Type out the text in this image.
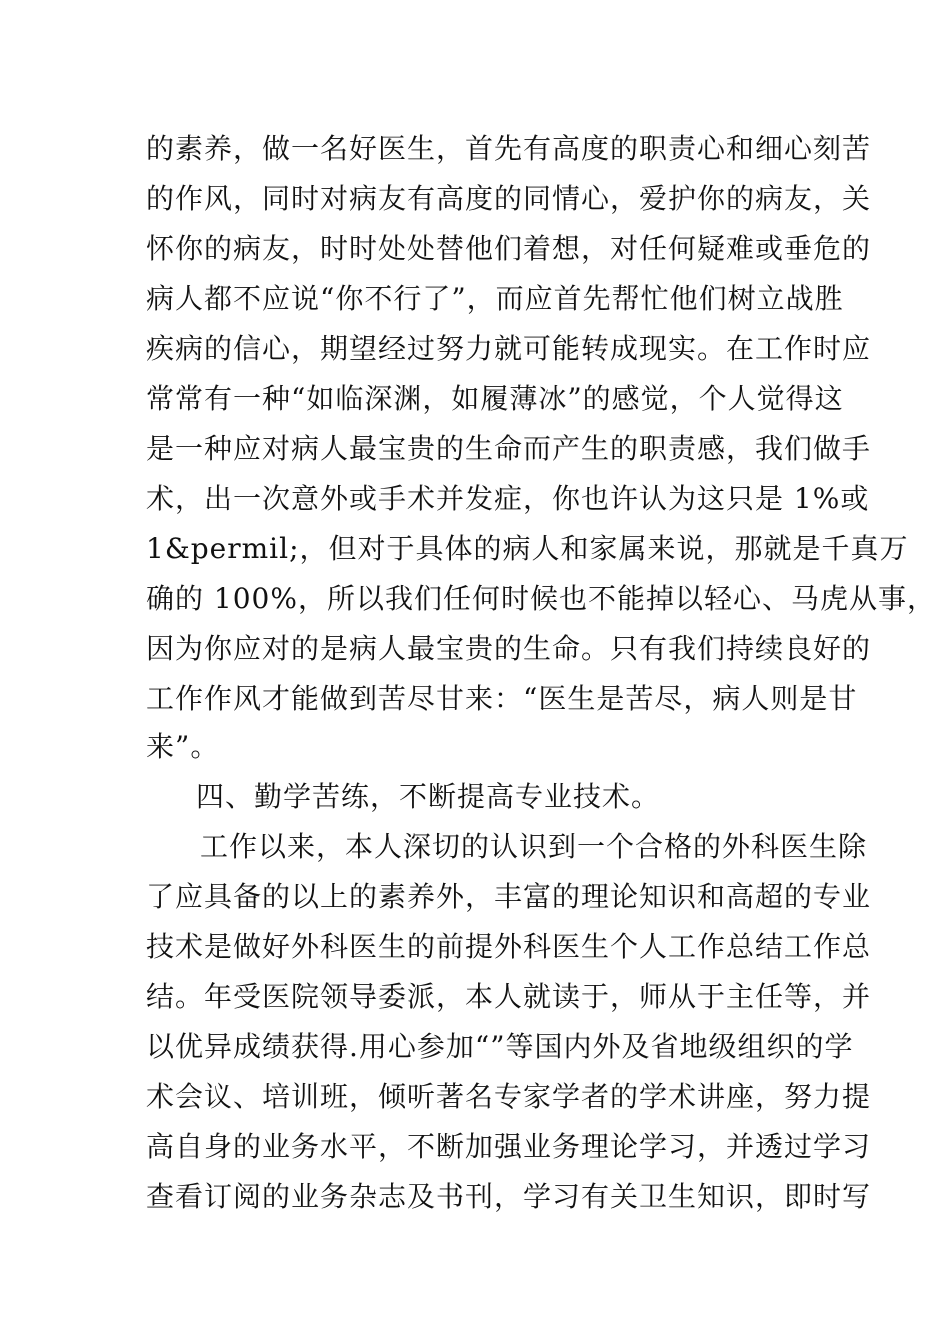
的素养，做一名好医生，首先有高度的职责心和细心刻苦
的作风，同时对病友有高度的同情心，爱护你的病友，关
怀你的病友，时时处处替他们着想，对任何疑难或垂危的
病人都不应说“你不行了”，而应首先帮忙他们树立战胜
疾病的信心，期望经过努力就可能转成现实。在工作时应
常常有一种“如临深渊，如履薄冰”的感觉，个人觉得这
是一种应对病人最宝贵的生命而产生的职责感，我们做手
术，出一次意外或手术并发症，你也许认为这只是 1%或
1&permil;，但对于具体的病人和家属来说，那就是千真万
确的 100%，所以我们任何时候也不能掉以轻心、马虎从事，
因为你应对的是病人最宝贵的生命。只有我们持续良好的
工作作风才能做到苦尽甘来：“医生是苦尽，病人则是甘
来”。
四、勤学苦练，不断提高专业技术。
工作以来，本人深切的认识到一个合格的外科医生除
了应具备的以上的素养外，丰富的理论知识和高超的专业
技术是做好外科医生的前提外科医生个人工作总结工作总
结。年受医院领导委派，本人就读于，师从于主任等，并
以优异成绩获得.用心参加“”等国内外及省地级组织的学
术会议、培训班，倾听著名专家学者的学术讲座，努力提
高自身的业务水平，不断加强业务理论学习，并透过学习
查看订阅的业务杂志及书刊，学习有关卫生知识，即时写
